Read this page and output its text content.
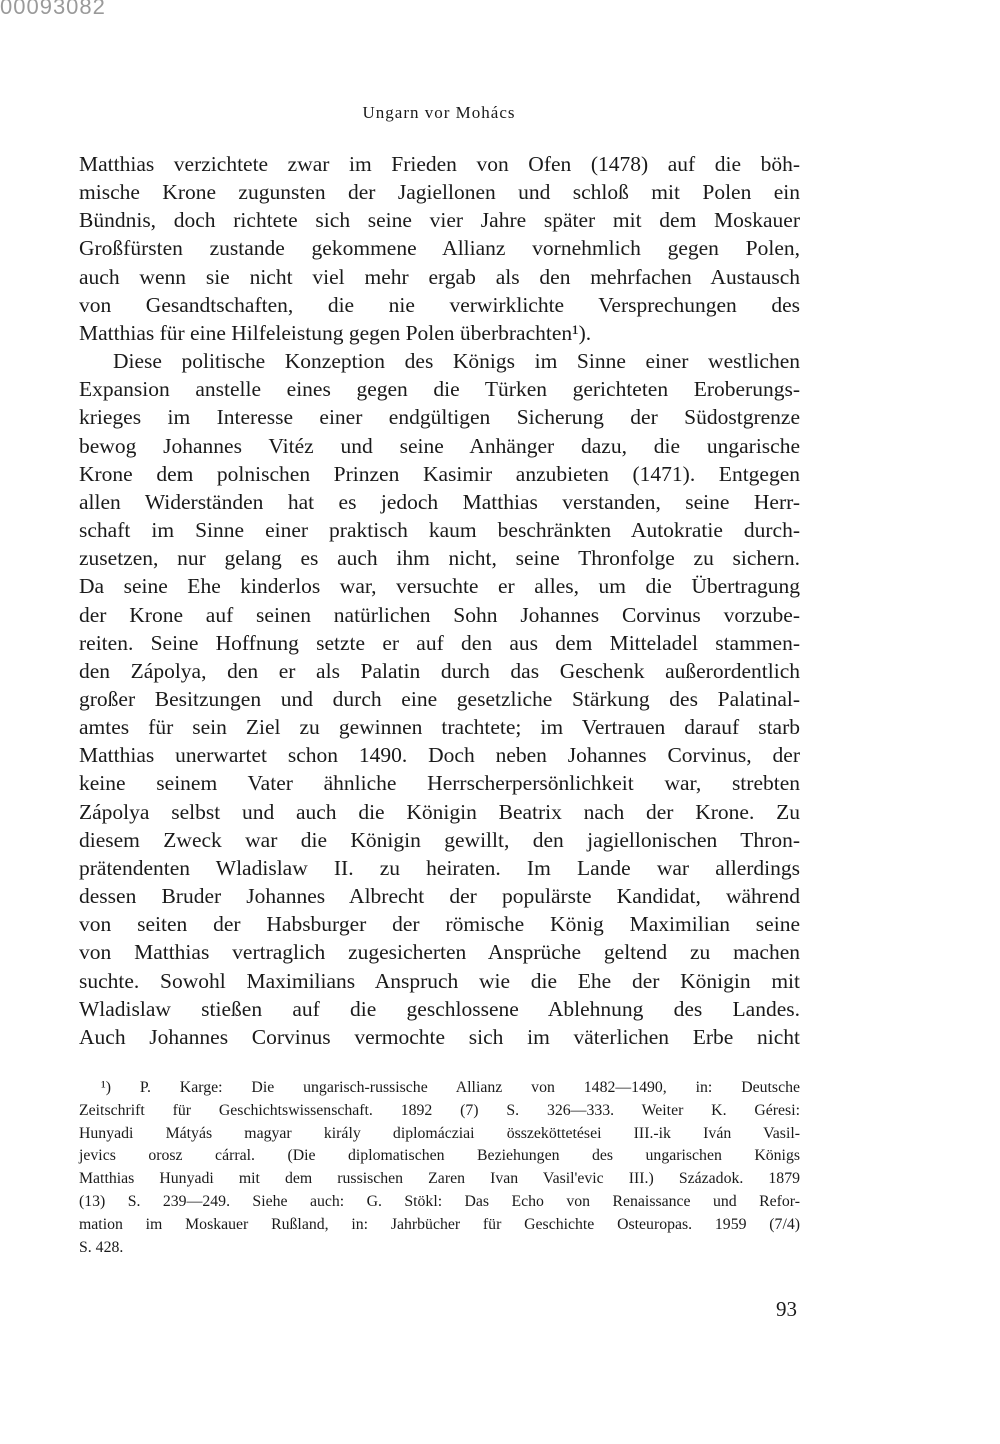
00093082
Ungarn vor Mohács
Matthias verzichtete zwar im Frieden von Ofen (1478) auf die böh-
mische Krone zugunsten der Jagiellonen und schloß mit Polen ein
Bündnis, doch richtete sich seine vier Jahre später mit dem Moskauer
Großfürsten zustande gekommene Allianz vornehmlich gegen Polen,
auch wenn sie nicht viel mehr ergab als den mehrfachen Austausch
von Gesandtschaften, die nie verwirklichte Versprechungen des
Matthias für eine Hilfeleistung gegen Polen überbrachten¹).
Diese politische Konzeption des Königs im Sinne einer westlichen
Expansion anstelle eines gegen die Türken gerichteten Eroberungs-
krieges im Interesse einer endgültigen Sicherung der Südostgrenze
bewog Johannes Vitéz und seine Anhänger dazu, die ungarische
Krone dem polnischen Prinzen Kasimir anzubieten (1471). Entgegen
allen Widerständen hat es jedoch Matthias verstanden, seine Herr-
schaft im Sinne einer praktisch kaum beschränkten Autokratie durch-
zusetzen, nur gelang es auch ihm nicht, seine Thronfolge zu sichern.
Da seine Ehe kinderlos war, versuchte er alles, um die Übertragung
der Krone auf seinen natürlichen Sohn Johannes Corvinus vorzube-
reiten. Seine Hoffnung setzte er auf den aus dem Mitteladel stammen-
den Zápolya, den er als Palatin durch das Geschenk außerordentlich
großer Besitzungen und durch eine gesetzliche Stärkung des Palatinal-
amtes für sein Ziel zu gewinnen trachtete; im Vertrauen darauf starb
Matthias unerwartet schon 1490. Doch neben Johannes Corvinus, der
keine seinem Vater ähnliche Herrscherpersönlichkeit war, strebten
Zápolya selbst und auch die Königin Beatrix nach der Krone. Zu
diesem Zweck war die Königin gewillt, den jagiellonischen Thron-
prätendenten Wladislaw II. zu heiraten. Im Lande war allerdings
dessen Bruder Johannes Albrecht der populärste Kandidat, während
von seiten der Habsburger der römische König Maximilian seine
von Matthias vertraglich zugesicherten Ansprüche geltend zu machen
suchte. Sowohl Maximilians Anspruch wie die Ehe der Königin mit
Wladislaw stießen auf die geschlossene Ablehnung des Landes.
Auch Johannes Corvinus vermochte sich im väterlichen Erbe nicht
¹) P. Karge: Die ungarisch-russische Allianz von 1482—1490, in: Deutsche
Zeitschrift für Geschichtswissenschaft. 1892 (7) S. 326—333. Weiter K. Géresi:
Hunyadi Mátyás magyar király diplomácziai összeköttetései III.-ik Iván Vasil-
jevics orosz cárral. (Die diplomatischen Beziehungen des ungarischen Königs
Matthias Hunyadi mit dem russischen Zaren Ivan Vasil'evic III.) Századok. 1879
(13) S. 239—249. Siehe auch: G. Stökl: Das Echo von Renaissance und Refor-
mation im Moskauer Rußland, in: Jahrbücher für Geschichte Osteuropas. 1959 (7/4)
S. 428.
93
